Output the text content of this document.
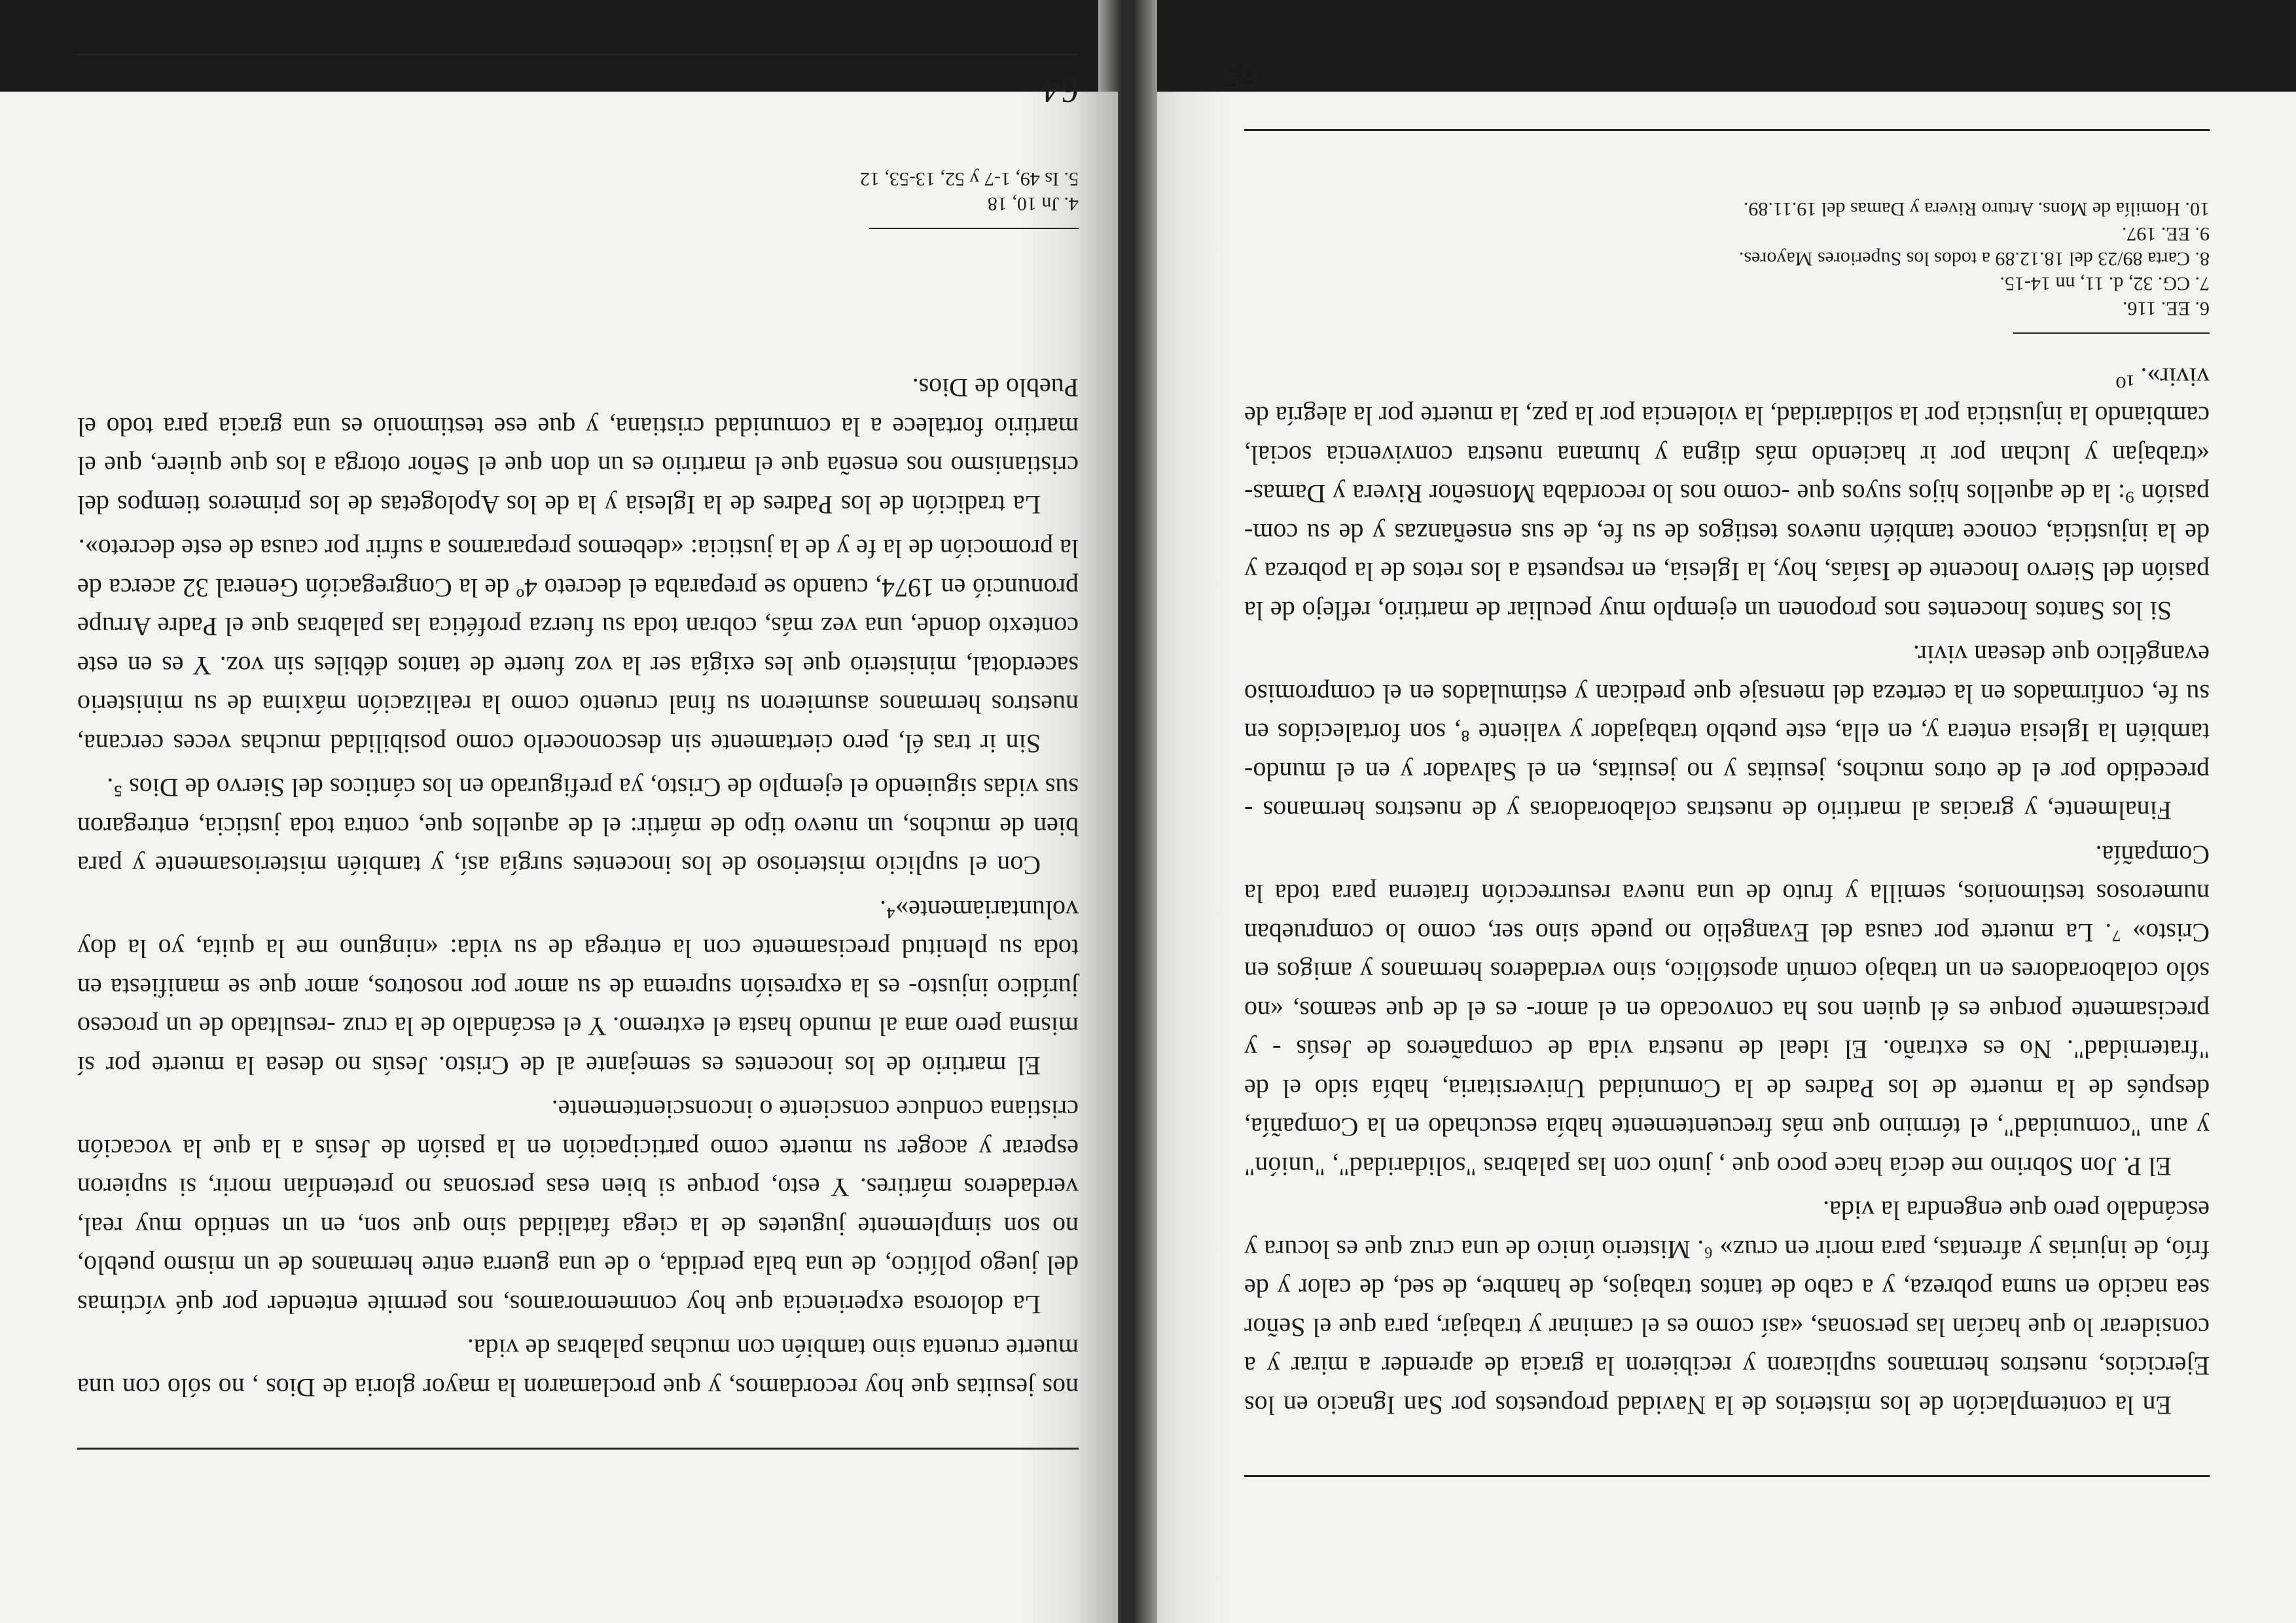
65

En la contemplación de los misterios de la Navidad propuestos por San Ignacio en los Ejercicios, nuestros hermanos suplicaron y recibieron la gracia de aprender a mirar y a considerar lo que hacían las personas, «así como es el caminar y trabajar, para que el Señor sea nacido en suma pobreza, y a cabo de tantos trabajos, de hambre, de sed, de calor y de frío, de injurias y afrentas, para morir en cruz» ⁶. Misterio único de una cruz que es locura y escándalo pero que engendra la vida.

El P. Jon Sobrino me decía hace poco que , junto con las palabras "solidaridad", "unión" y aun "comunidad", el término que más frecuentemente había escuchado en la Compañía, después de la muerte de los Padres de la Comunidad Universitaria, había sido el de "fraternidad". No es extraño. El ideal de nuestra vida de compañeros de Jesús - y precisamente porque es él quien nos ha convocado en el amor- es el de que seamos, «no sólo colaboradores en un trabajo común apostólico, sino verdaderos hermanos y amigos en Cristo» ⁷. La muerte por causa del Evangelio no puede sino ser, como lo comprueban numerosos testimonios, semilla y fruto de una nueva resurrección fraterna para toda la Compañía.

Finalmente, y gracias al martirio de nuestras colaboradoras y de nuestros hermanos - precedido por el de otros muchos, jesuitas y no jesuitas, en el Salvador y en el mundo- también la Iglesia entera y, en ella, este pueblo trabajador y valiente ⁸, son fortalecidos en su fe, confirmados en la certeza del mensaje que predican y estimulados en el compromiso evangélico que desean vivir.

Si los Santos Inocentes nos proponen un ejemplo muy peculiar de martirio, reflejo de la pasión del Siervo Inocente de Isaías, hoy, la Iglesia, en respuesta a los retos de la pobreza y de la injusticia, conoce también nuevos testigos de su fe, de sus enseñanzas y de su com-pasión ⁹: la de aquellos hijos suyos que -como nos lo recordaba Monseñor Rivera y Damas- «trabajan y luchan por ir haciendo más digna y humana nuestra convivencia social, cambiando la injusticia por la solidaridad, la violencia por la paz, la muerte por la alegría de vivir». ¹⁰

6. EE. 116.
7. CG. 32, d. 11, nn 14-15.
8. Carta 89/23 del 18.12.89 a todos los Superiores Mayores.
9. EE. 197.
10. Homilía de Mons. Arturo Rivera y Damas del 19.11.89.
64

nos jesuitas que hoy recordamos, y que proclamaron la mayor gloria de Dios , no sólo con una muerte cruenta sino también con muchas palabras de vida.

La dolorosa experiencia que hoy conmemoramos, nos permite entender por qué víctimas del juego político, de una bala perdida, o de una guerra entre hermanos de un mismo pueblo, no son simplemente juguetes de la ciega fatalidad sino que son, en un sentido muy real, verdaderos mártires. Y esto, porque si bien esas personas no pretendían morir, si supieron esperar y acoger su muerte como participación en la pasión de Jesús a la que la vocación cristiana conduce consciente o inconscientemente.

El martirio de los inocentes es semejante al de Cristo. Jesús no desea la muerte por sí misma pero ama al mundo hasta el extremo. Y el escándalo de la cruz -resultado de un proceso jurídico injusto- es la expresión suprema de su amor por nosotros, amor que se manifiesta en toda su plenitud precisamente con la entrega de su vida: «ninguno me la quita, yo la doy voluntariamente»⁴.

Con el suplicio misterioso de los inocentes surgía así, y también misteriosamente y para bien de muchos, un nuevo tipo de mártir: el de aquellos que, contra toda justicia, entregaron sus vidas siguiendo el ejemplo de Cristo, ya prefigurado en los cánticos del Siervo de Dios ⁵.

Sin ir tras él, pero ciertamente sin desconocerlo como posibilidad muchas veces cercana, nuestros hermanos asumieron su final cruento como la realización máxima de su ministerio sacerdotal, ministerio que les exigía ser la voz fuerte de tantos débiles sin voz. Y es en este contexto donde, una vez más, cobran toda su fuerza profética las palabras que el Padre Arrupe pronunció en 1974, cuando se preparaba el decreto 4º de la Congregación General 32 acerca de la promoción de la fe y de la justicia: «debemos prepararnos a sufrir por causa de este decreto».

La tradición de los Padres de la Iglesia y la de los Apologetas de los primeros tiempos del cristianismo nos enseña que el martirio es un don que el Señor otorga a los que quiere, que el martirio fortalece a la comunidad cristiana, y que ese testimonio es una gracia para todo el Pueblo de Dios.

4. Jn 10, 18
5. Is 49, 1-7 y 52, 13-53, 12
